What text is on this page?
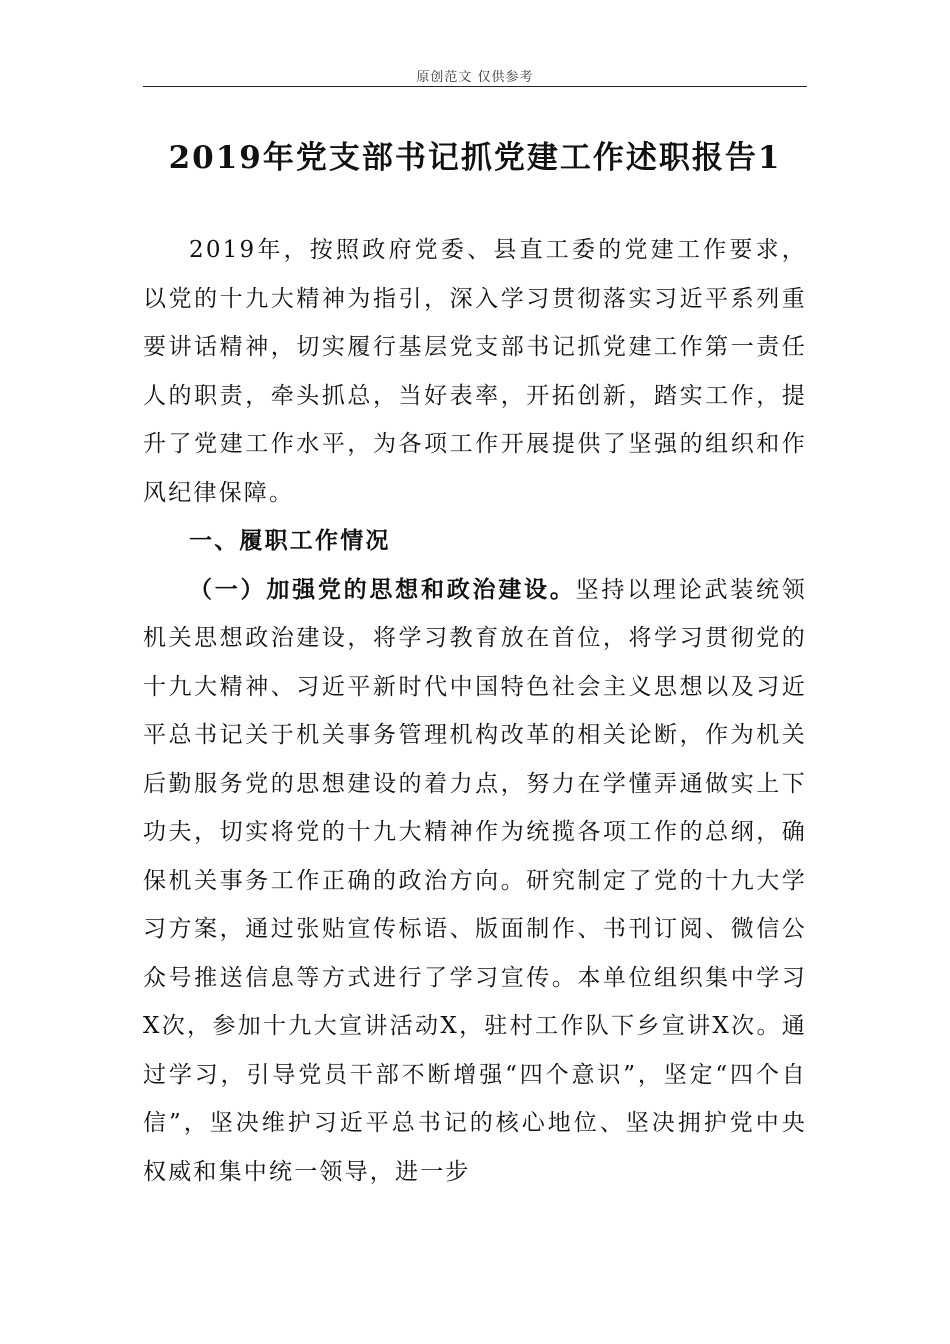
原创范文 仅供参考
2019年党支部书记抓党建工作述职报告1

2019年，按照政府党委、县直工委的党建工作要求，以党的十九大精神为指引，深入学习贯彻落实习近平系列重要讲话精神，切实履行基层党支部书记抓党建工作第一责任人的职责，牵头抓总，当好表率，开拓创新，踏实工作，提升了党建工作水平，为各项工作开展提供了坚强的组织和作风纪律保障。

一、履职工作情况

（一）加强党的思想和政治建设。坚持以理论武装统领机关思想政治建设，将学习教育放在首位，将学习贯彻党的十九大精神、习近平新时代中国特色社会主义思想以及习近平总书记关于机关事务管理机构改革的相关论断，作为机关后勤服务党的思想建设的着力点，努力在学懂弄通做实上下功夫，切实将党的十九大精神作为统揽各项工作的总纲，确保机关事务工作正确的政治方向。研究制定了党的十九大学习方案，通过张贴宣传标语、版面制作、书刊订阅、微信公众号推送信息等方式进行了学习宣传。本单位组织集中学习X次，参加十九大宣讲活动X，驻村工作队下乡宣讲X次。通过学习，引导党员干部不断增强“四个意识”，坚定“四个自信”，坚决维护习近平总书记的核心地位、坚决拥护党中央权威和集中统一领导，进一步
